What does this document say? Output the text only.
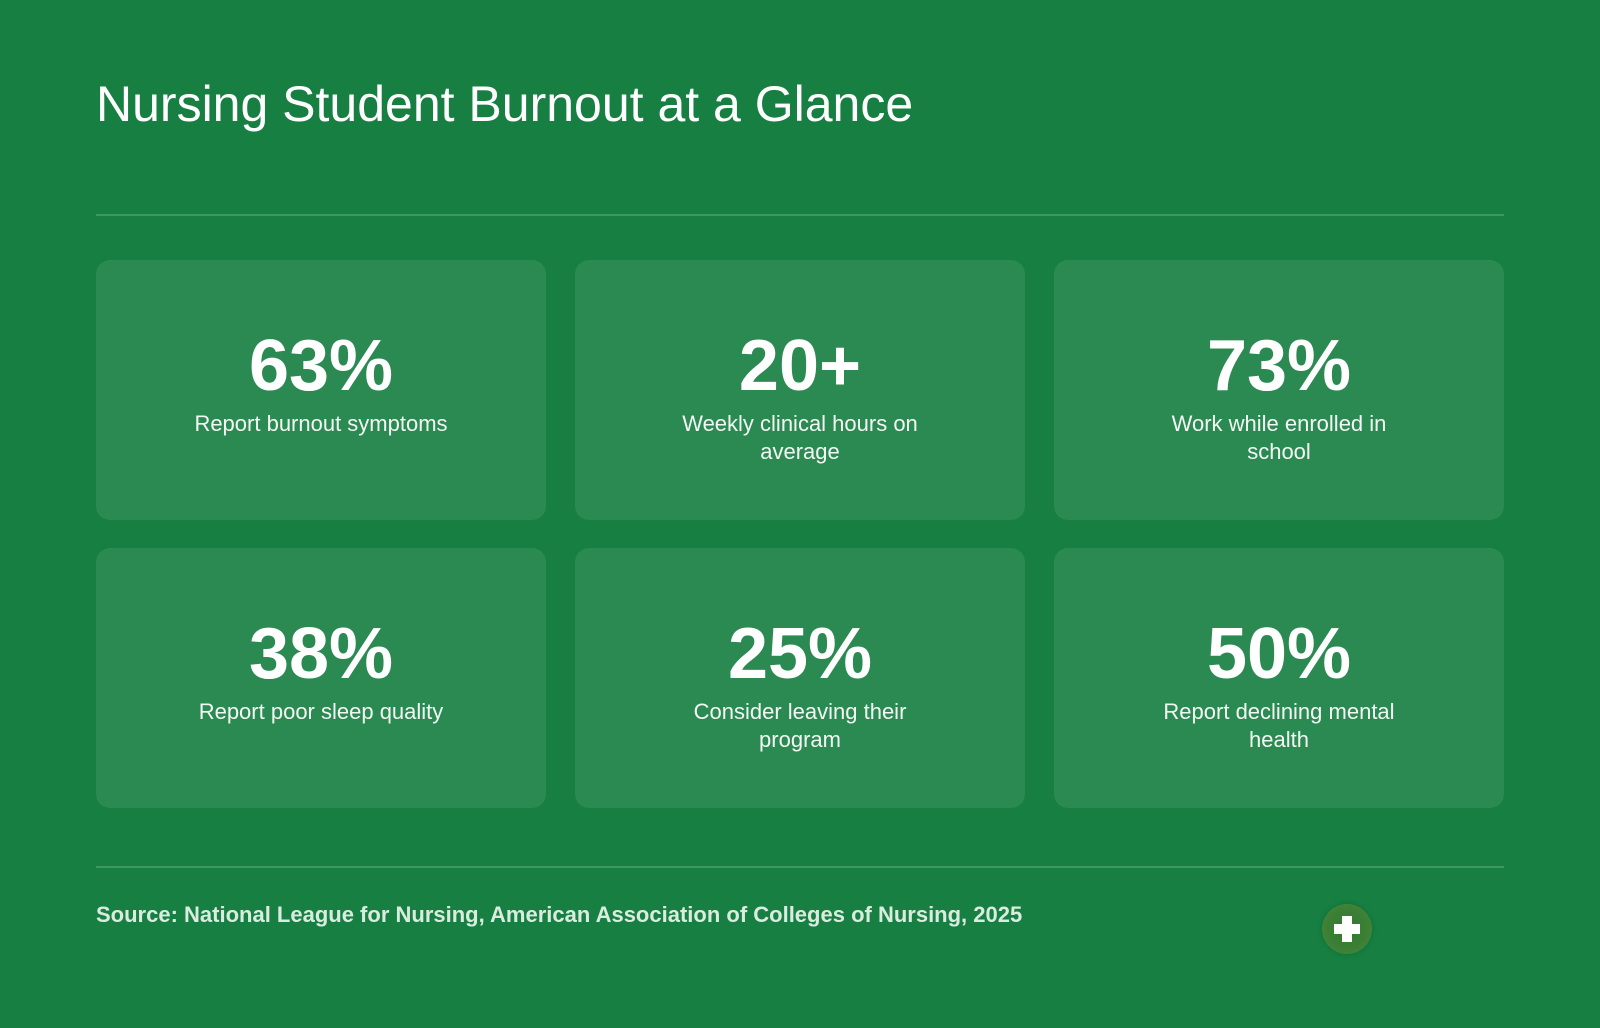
Nursing Student Burnout at a Glance
63%
Report burnout symptoms
20+
Weekly clinical hours on average
73%
Work while enrolled in school
38%
Report poor sleep quality
25%
Consider leaving their program
50%
Report declining mental health
Source: National League for Nursing, American Association of Colleges of Nursing, 2025
